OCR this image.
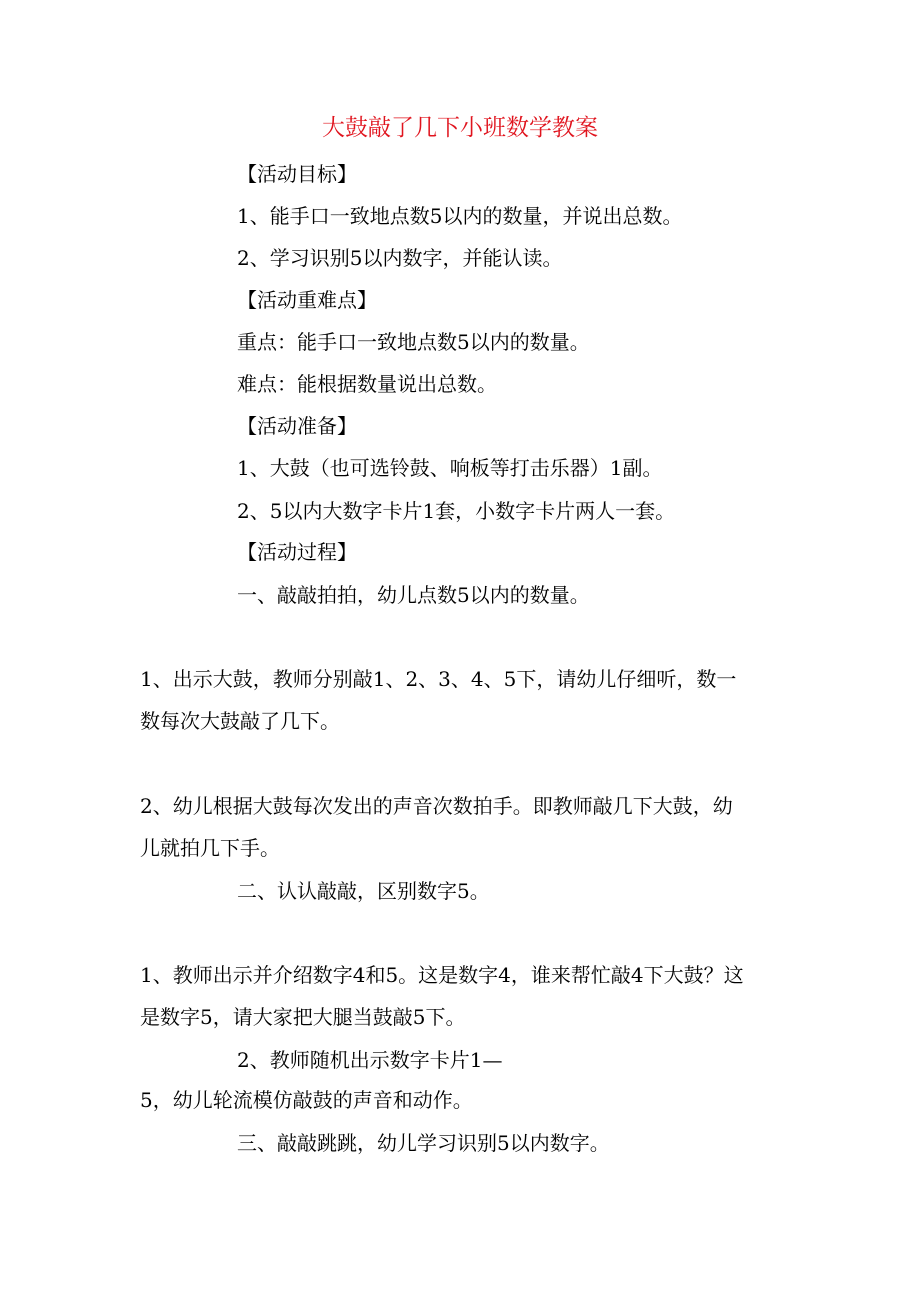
大鼓敲了几下小班数学教案
【活动目标】
1、能手口一致地点数5以内的数量，并说出总数。
2、学习识别5以内数字，并能认读。
【活动重难点】
重点：能手口一致地点数5以内的数量。
难点：能根据数量说出总数。
【活动准备】
1、大鼓（也可选铃鼓、响板等打击乐器）1副。
2、5以内大数字卡片1套，小数字卡片两人一套。
【活动过程】
一、敲敲拍拍，幼儿点数5以内的数量。
1、出示大鼓，教师分别敲1、2、3、4、5下，请幼儿仔细听，数一
数每次大鼓敲了几下。
2、幼儿根据大鼓每次发出的声音次数拍手。即教师敲几下大鼓，幼
儿就拍几下手。
二、认认敲敲，区别数字5。
1、教师出示并介绍数字4和5。这是数字4，谁来帮忙敲4下大鼓？这
是数字5，请大家把大腿当鼓敲5下。
2、教师随机出示数字卡片1—
5，幼儿轮流模仿敲鼓的声音和动作。
三、敲敲跳跳，幼儿学习识别5以内数字。
